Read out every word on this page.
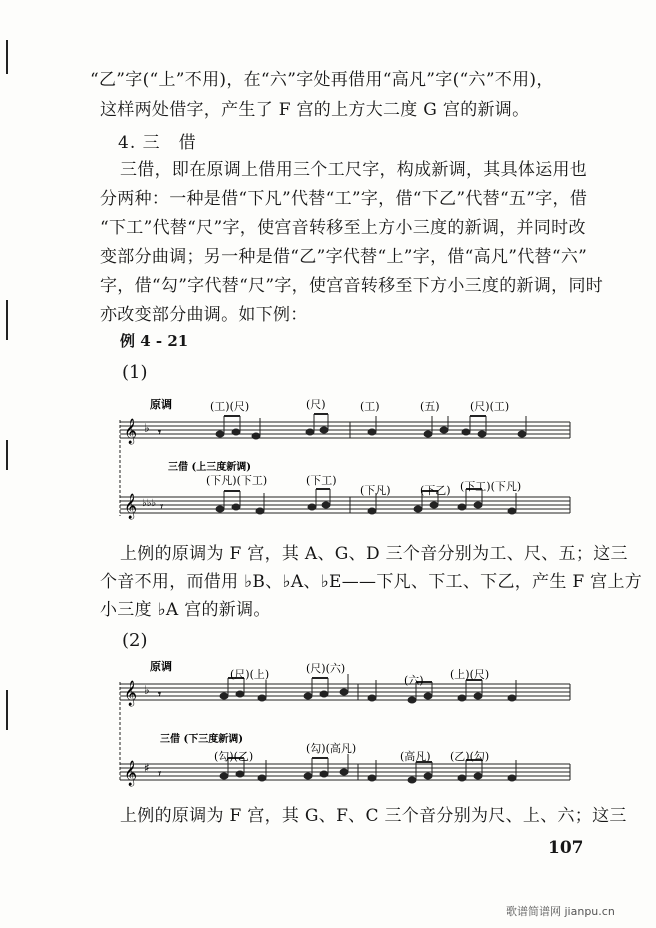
“乙”字(“上”不用)，在“六”字处再借用“高凡”字(“六”不用)，
这样两处借字，产生了 F 宫的上方大二度 G 宫的新调。
4. 三　借
三借，即在原调上借用三个工尺字，构成新调，其具体运用也
分两种：一种是借“下凡”代替“工”字，借“下乙”代替“五”字，借
“下工”代替“尺”字，使宫音转移至上方小三度的新调，并同时改
变部分曲调；另一种是借“乙”字代替“上”字，借“高凡”代替“六”
字，借“勾”字代替“尺”字，使宫音转移至下方小三度的新调，同时
亦改变部分曲调。如下例：
例 4 - 21
(1)
𝄞
𝄞
♭
♭♭♭
𝄾
𝄾
原调	(工)(尺)	(尺)	(工)	(五)	(尺)(工)
三借 (上三度新调)
(下凡)(下工)	(下工)
(下凡)	(下乙) (下工)(下凡)
上例的原调为 F 宫，其 A、G、D 三个音分别为工、尺、五；这三
个音不用，而借用 ♭B、♭A、♭E——下凡、下工、下乙，产生 F 宫上方
小三度 ♭A 宫的新调。
(2)
𝄞
𝄞
♭
♯
𝄾
𝄾
原调
(尺)(上)	(尺)(六)
(六) (上)(尺)
三借 (下三度新调)
(勾)(乙)
(勾)(高凡)
(高凡) (乙)(勾)
上例的原调为 F 宫，其 G、F、C 三个音分别为尺、上、六；这三
107
歌谱简谱网 jianpu.cn
